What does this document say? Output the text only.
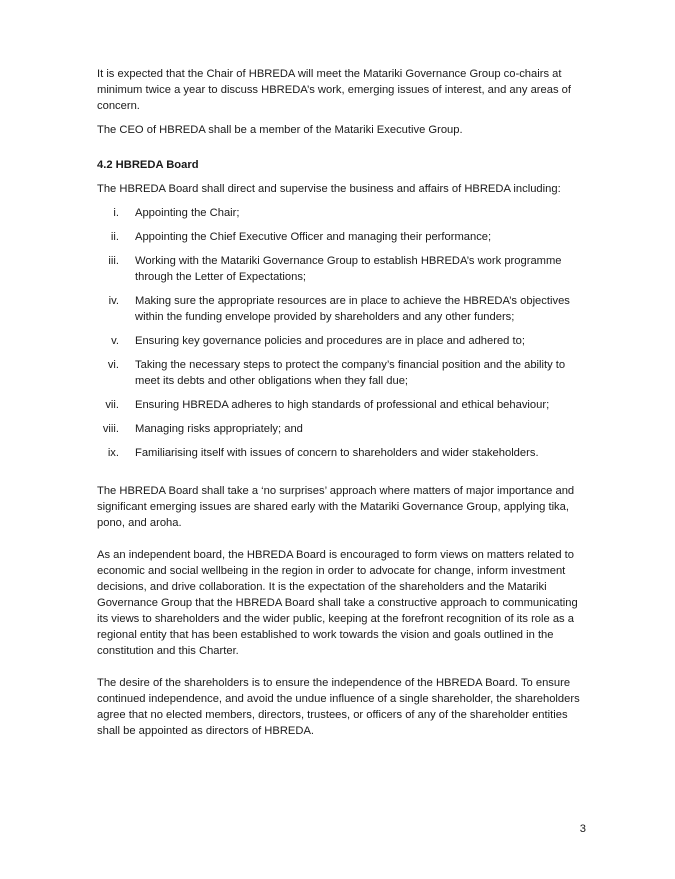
It is expected that the Chair of HBREDA will meet the Matariki Governance Group co-chairs at minimum twice a year to discuss HBREDA’s work, emerging issues of interest, and any areas of concern.

The CEO of HBREDA shall be a member of the Matariki Executive Group.

4.2 HBREDA Board

The HBREDA Board shall direct and supervise the business and affairs of HBREDA including:

i. Appointing the Chair;
ii. Appointing the Chief Executive Officer and managing their performance;
iii. Working with the Matariki Governance Group to establish HBREDA’s work programme through the Letter of Expectations;
iv. Making sure the appropriate resources are in place to achieve the HBREDA’s objectives within the funding envelope provided by shareholders and any other funders;
v. Ensuring key governance policies and procedures are in place and adhered to;
vi. Taking the necessary steps to protect the company’s financial position and the ability to meet its debts and other obligations when they fall due;
vii. Ensuring HBREDA adheres to high standards of professional and ethical behaviour;
viii. Managing risks appropriately; and
ix. Familiarising itself with issues of concern to shareholders and wider stakeholders.

The HBREDA Board shall take a ‘no surprises’ approach where matters of major importance and significant emerging issues are shared early with the Matariki Governance Group, applying tika, pono, and aroha.

As an independent board, the HBREDA Board is encouraged to form views on matters related to economic and social wellbeing in the region in order to advocate for change, inform investment decisions, and drive collaboration. It is the expectation of the shareholders and the Matariki Governance Group that the HBREDA Board shall take a constructive approach to communicating its views to shareholders and the wider public, keeping at the forefront recognition of its role as a regional entity that has been established to work towards the vision and goals outlined in the constitution and this Charter.

The desire of the shareholders is to ensure the independence of the HBREDA Board. To ensure continued independence, and avoid the undue influence of a single shareholder, the shareholders agree that no elected members, directors, trustees, or officers of any of the shareholder entities shall be appointed as directors of HBREDA.

3
